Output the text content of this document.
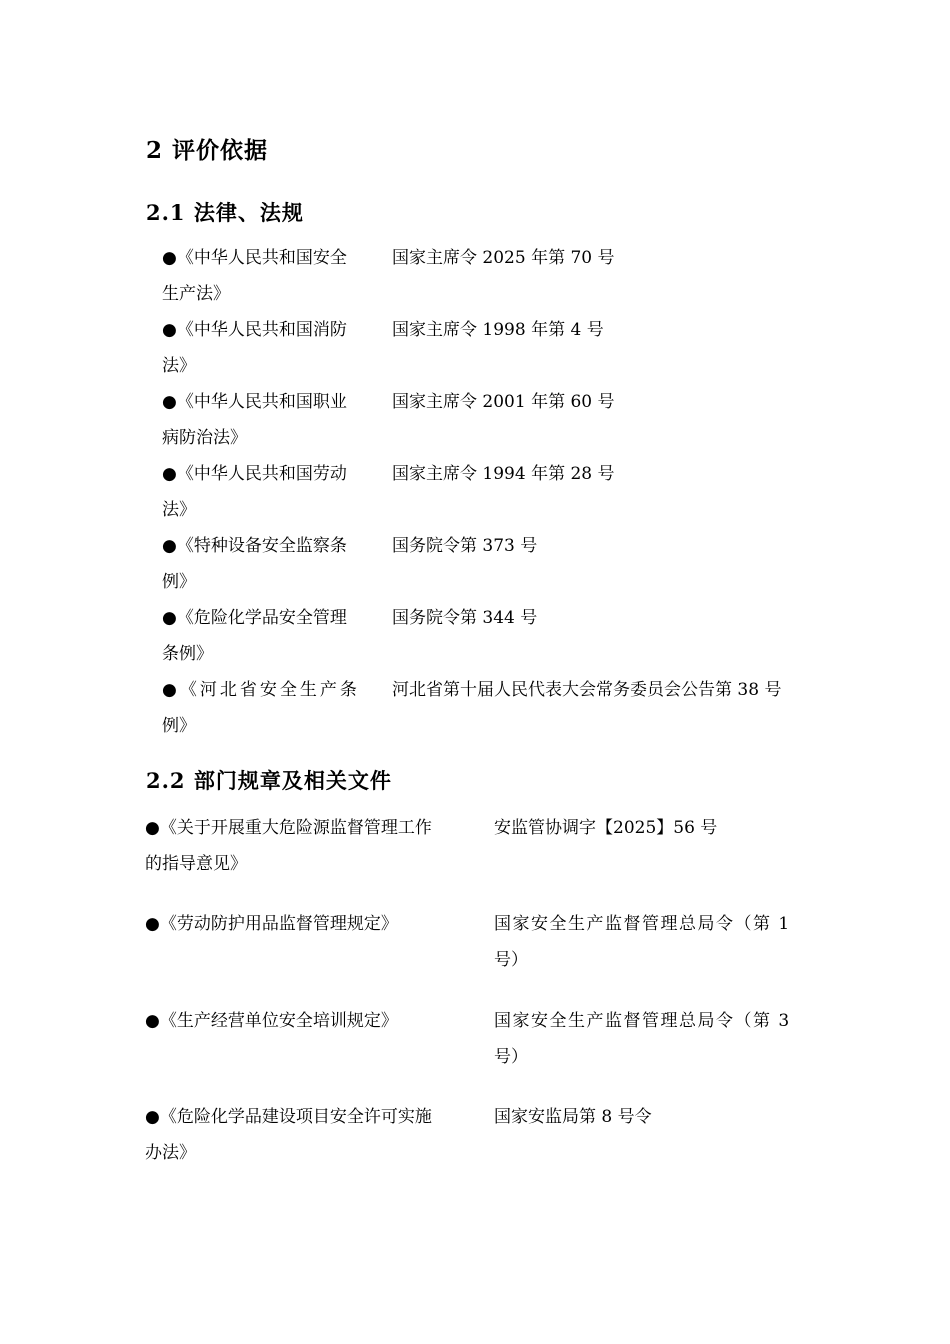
2 评价依据
2.1 法律、法规
●《中华人民共和国安全
生产法》
国家主席令 2025 年第 70 号
●《中华人民共和国消防
法》
国家主席令 1998 年第 4 号
●《中华人民共和国职业
病防治法》
国家主席令 2001 年第 60 号
●《中华人民共和国劳动
法》
国家主席令 1994 年第 28 号
●《特种设备安全监察条
例》
国务院令第 373 号
●《危险化学品安全管理
条例》
国务院令第 344 号
●《河北省安全生产条
例》
河北省第十届人民代表大会常务委员会公告第 38 号
2.2 部门规章及相关文件
●《关于开展重大危险源监督管理工作
的指导意见》
安监管协调字【2025】56 号
●《劳动防护用品监督管理规定》	国家安全生产监督管理总局令（第 1
号）
●《生产经营单位安全培训规定》	国家安全生产监督管理总局令（第 3
号）
●《危险化学品建设项目安全许可实施
办法》
国家安监局第 8 号令
